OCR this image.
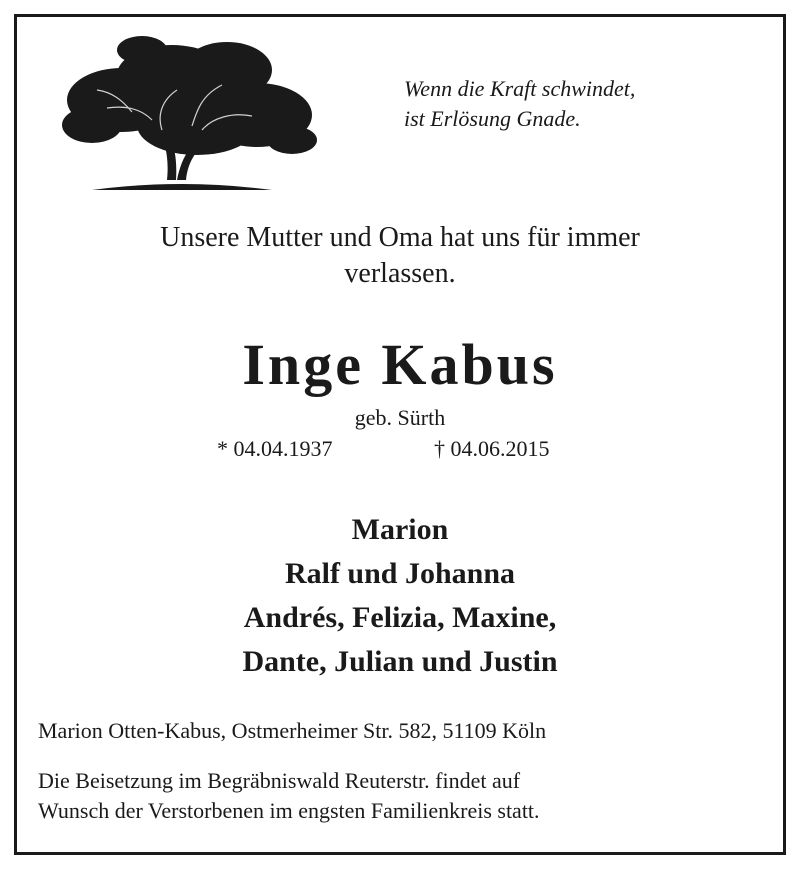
Wenn die Kraft schwindet,
ist Erlösung Gnade.
Unsere Mutter und Oma hat uns für immer
verlassen.
Inge Kabus
geb. Sürth
* 04.04.1937	† 04.06.2015
Marion
Ralf und Johanna
Andrés, Felizia, Maxine,
Dante, Julian und Justin
Marion Otten-Kabus, Ostmerheimer Str. 582, 51109 Köln
Die Beisetzung im Begräbniswald Reuterstr. findet auf
Wunsch der Verstorbenen im engsten Familienkreis statt.
